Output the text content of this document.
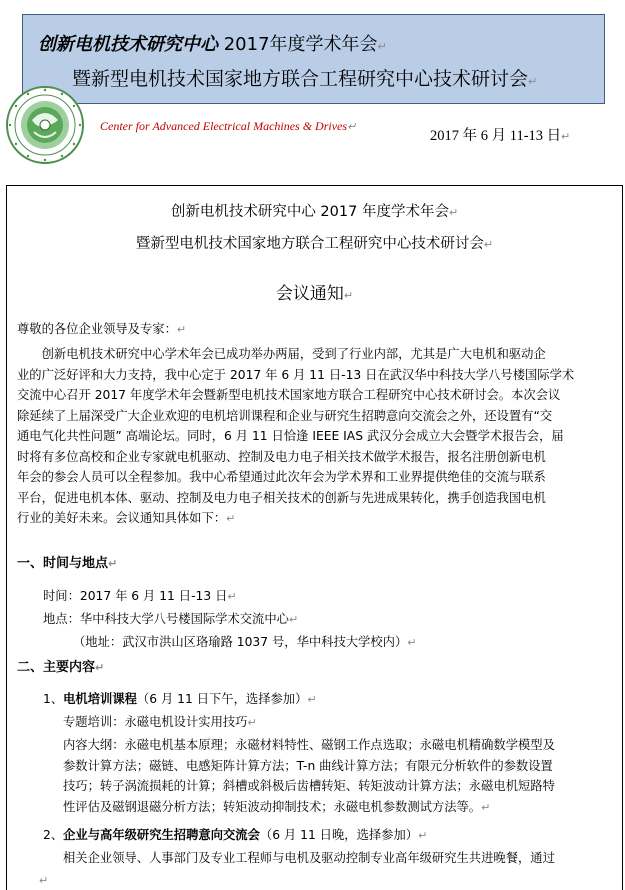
创新电机技术研究中心 2017年度学术年会↵
暨新型电机技术国家地方联合工程研究中心技术研讨会↵
Center for Advanced Electrical Machines & Drives↵
2017 年 6 月 11-13 日↵
创新电机技术研究中心 2017 年度学术年会↵
暨新型电机技术国家地方联合工程研究中心技术研讨会↵
会议通知↵
尊敬的各位企业领导及专家：↵
　　创新电机技术研究中心学术年会已成功举办两届，受到了行业内部，尤其是广大电机和驱动企
业的广泛好评和大力支持，我中心定于 2017 年 6 月 11 日-13 日在武汉华中科技大学八号楼国际学术
交流中心召开 2017 年度学术年会暨新型电机技术国家地方联合工程研究中心技术研讨会。本次会议
除延续了上届深受广大企业欢迎的电机培训课程和企业与研究生招聘意向交流会之外，还设置有“交
通电气化共性问题” 高端论坛。同时，6 月 11 日恰逢 IEEE IAS 武汉分会成立大会暨学术报告会，届
时将有多位高校和企业专家就电机驱动、控制及电力电子相关技术做学术报告，报名注册创新电机
年会的参会人员可以全程参加。我中心希望通过此次年会为学术界和工业界提供绝佳的交流与联系
平台，促进电机本体、驱动、控制及电力电子相关技术的创新与先进成果转化，携手创造我国电机
行业的美好未来。会议通知具体如下：↵
一、时间与地点↵
时间：2017 年 6 月 11 日-13 日↵
地点：华中科技大学八号楼国际学术交流中心↵
（地址：武汉市洪山区珞瑜路 1037 号，华中科技大学校内）↵
二、主要内容↵
1、电机培训课程（6 月 11 日下午，选择参加）↵
专题培训：永磁电机设计实用技巧↵
内容大纲：永磁电机基本原理；永磁材料特性、磁钢工作点选取；永磁电机精确数学模型及
参数计算方法；磁链、电感矩阵计算方法；T-n 曲线计算方法；有限元分析软件的参数设置
技巧；转子涡流损耗的计算；斜槽或斜极后齿槽转矩、转矩波动计算方法；永磁电机短路特
性评估及磁钢退磁分析方法；转矩波动抑制技术；永磁电机参数测试方法等。↵
2、企业与高年级研究生招聘意向交流会（6 月 11 日晚，选择参加）↵
相关企业领导、人事部门及专业工程师与电机及驱动控制专业高年级研究生共进晚餐，通过
↵
